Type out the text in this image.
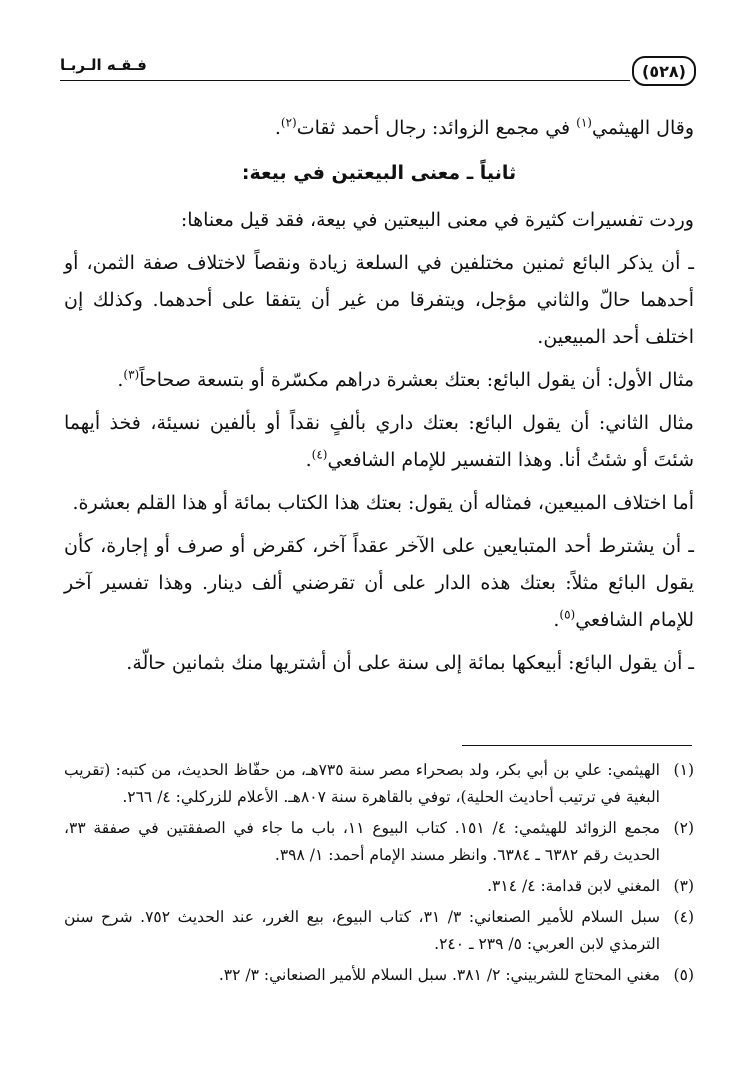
فـقـه الـربـا	(٥٢٨)

وقال الهيثمي$^{(١)}$ في مجمع الزوائد: رجال أحمد ثقات$^{(٢)}$.

ثانياً ـ معنى البيعتين في بيعة:

وردت تفسيرات كثيرة في معنى البيعتين في بيعة، فقد قيل معناها:

ـ أن يذكر البائع ثمنين مختلفين في السلعة زيادة ونقصاً لاختلاف صفة الثمن، أو أحدهما حالّ والثاني مؤجل، ويتفرقا من غير أن يتفقا على أحدهما. وكذلك إن اختلف أحد المبيعين.

مثال الأول: أن يقول البائع: بعتك بعشرة دراهم مكسّرة أو بتسعة صحاحاً$^{(٣)}$.

مثال الثاني: أن يقول البائع: بعتك داري بألفٍ نقداً أو بألفين نسيئة، فخذ أيهما شئتَ أو شئتُ أنا. وهذا التفسير للإمام الشافعي$^{(٤)}$.

أما اختلاف المبيعين، فمثاله أن يقول: بعتك هذا الكتاب بمائة أو هذا القلم بعشرة.

ـ أن يشترط أحد المتبايعين على الآخر عقداً آخر، كقرض أو صرف أو إجارة، كأن يقول البائع مثلاً: بعتك هذه الدار على أن تقرضني ألف دينار. وهذا تفسير آخر للإمام الشافعي$^{(٥)}$.

ـ أن يقول البائع: أبيعكها بمائة إلى سنة على أن أشتريها منك بثمانين حالّة.

(١)
الهيثمي: علي بن أبي بكر، ولد بصحراء مصر سنة ٧٣٥هـ، من حفّاظ الحديث، من كتبه: (تقريب البغية في ترتيب أحاديث الحلية)، توفي بالقاهرة سنة ٨٠٧هـ. الأعلام للزركلي: ٤/ ٢٦٦.
(٢)
مجمع الزوائد للهيثمي: ٤/ ١٥١. كتاب البيوع ١١، باب ما جاء في الصفقتين في صفقة ٣٣، الحديث رقم ٦٣٨٢ ـ ٦٣٨٤. وانظر مسند الإمام أحمد: ١/ ٣٩٨.
(٣)
المغني لابن قدامة: ٤/ ٣١٤.
(٤)
سبل السلام للأمير الصنعاني: ٣/ ٣١، كتاب البيوع، بيع الغرر، عند الحديث ٧٥٢. شرح سنن الترمذي لابن العربي: ٥/ ٢٣٩ ـ ٢٤٠.
(٥)
مغني المحتاج للشربيني: ٢/ ٣٨١. سبل السلام للأمير الصنعاني: ٣/ ٣٢.
